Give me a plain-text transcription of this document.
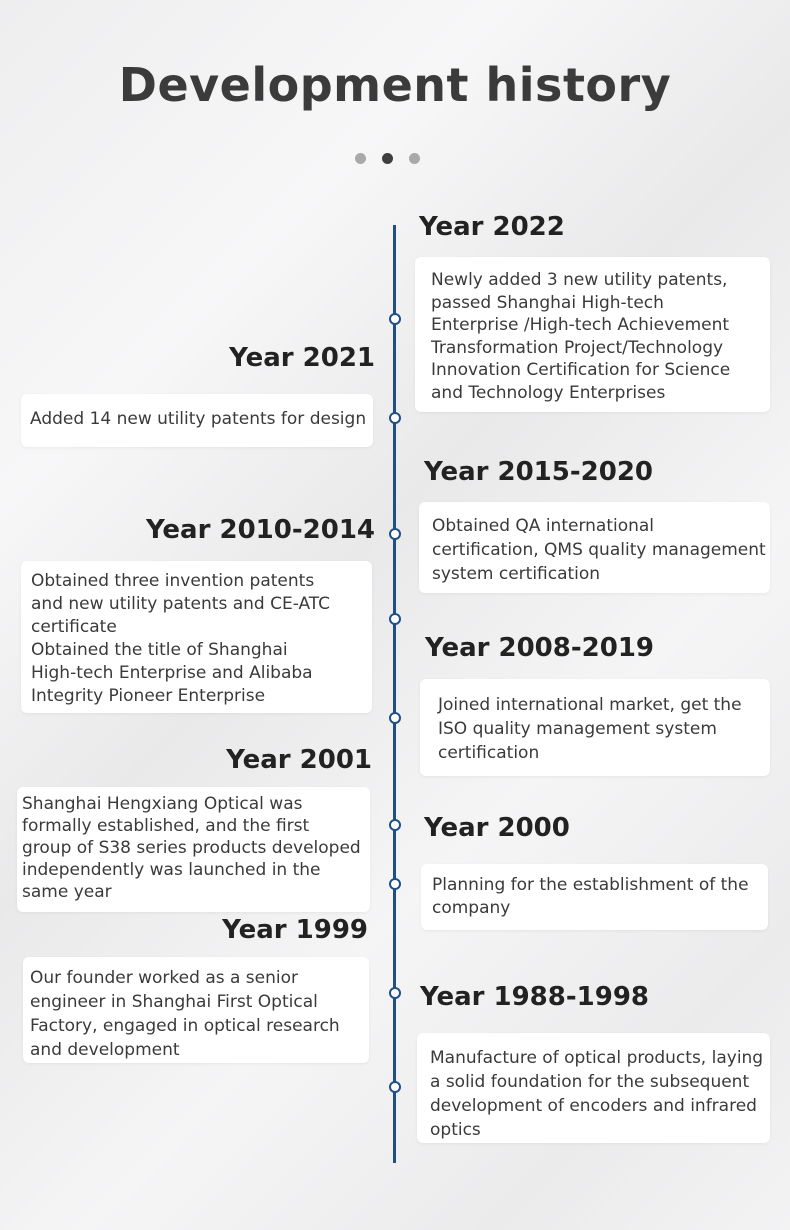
Development history
Year 2022
Newly added 3 new utility patents,
passed Shanghai High-tech
Enterprise /High-tech Achievement
Transformation Project/Technology
Innovation Certification for Science
and Technology Enterprises
Year 2021
Added 14 new utility patents for design
Year 2015-2020
Obtained QA international
certification, QMS quality management
system certification
Year 2010-2014
Obtained three invention patents
and new utility patents and CE-ATC
certificate
Obtained the title of Shanghai
High-tech Enterprise and Alibaba
Integrity Pioneer Enterprise
Year 2008-2019
Joined international market, get the
ISO quality management system
certification
Year 2001
Shanghai Hengxiang Optical was
formally established, and the first
group of S38 series products developed
independently was launched in the
same year
Year 2000
Planning for the establishment of the
company
Year 1999
Our founder worked as a senior
engineer in Shanghai First Optical
Factory, engaged in optical research
and development
Year 1988-1998
Manufacture of optical products, laying
a solid foundation for the subsequent
development of encoders and infrared
optics
